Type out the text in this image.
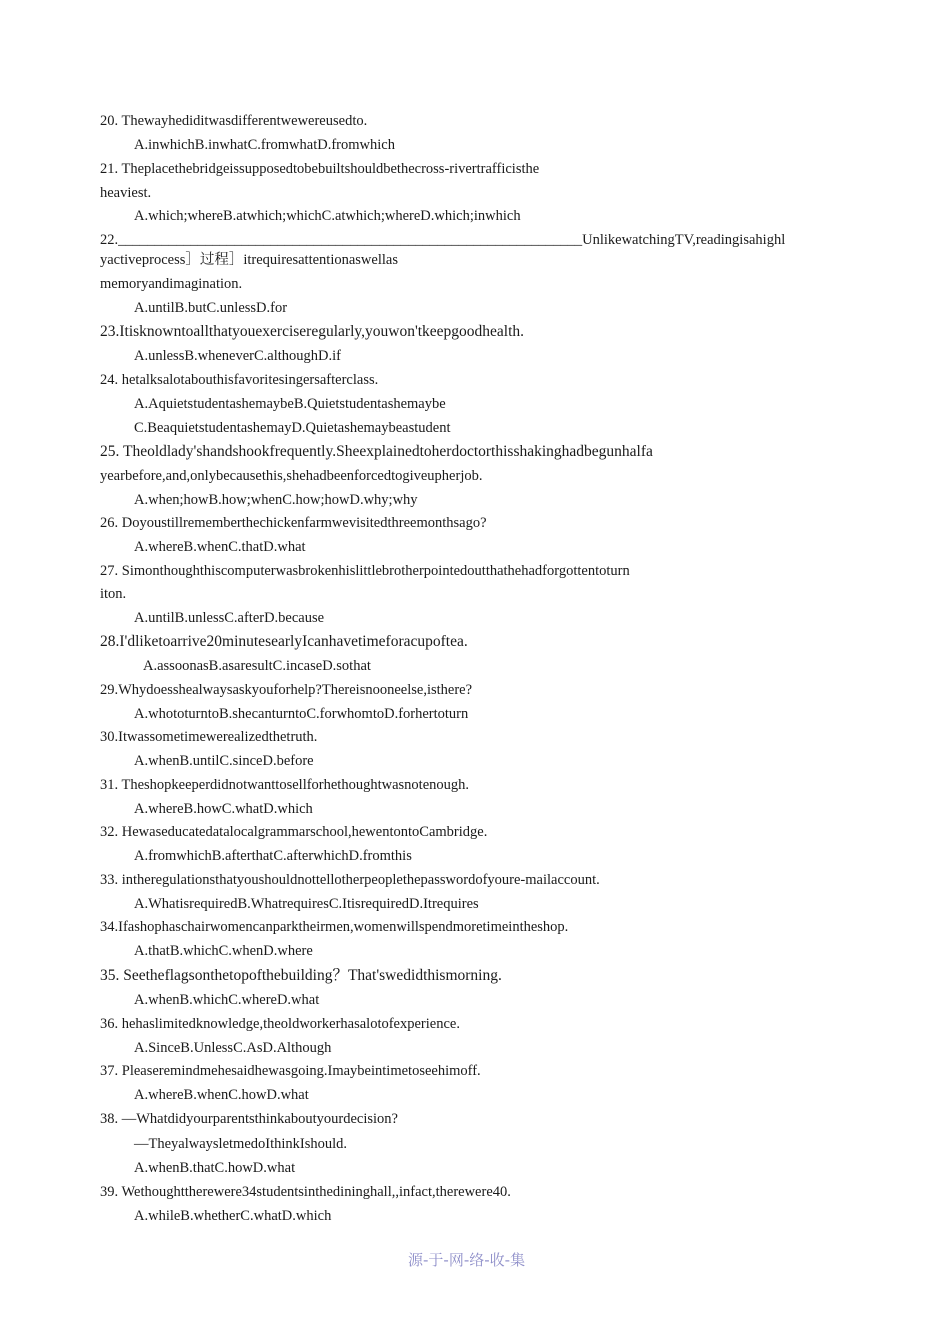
20. Thewayhediditwasdifferentwewereusedto.
A.inwhichB.inwhatC.fromwhatD.fromwhich
21. Theplacethebridgeissupposedtobebuiltshouldbethecross-rivertrafficisthe
heaviest.
A.which;whereB.atwhich;whichC.atwhich;whereD.which;inwhich
22.________________________________________________________________UnlikewatchingTV,readingisahighl
yactiveprocess］过程］itrequiresattentionaswellas
memoryandimagination.
A.untilB.butC.unlessD.for
23.Itisknowntoallthatyouexerciseregularly,youwon'tkeepgoodhealth.
A.unlessB.wheneverC.althoughD.if
24. hetalksalotabouthisfavoritesingersafterclass.
A.AquietstudentashemaybeB.Quietstudentashemaybe
C.BeaquietstudentashemayD.Quietashemaybeastudent
25. Theoldlady'shandshookfrequently.Sheexplainedtoherdoctorthisshakinghadbegunhalfa
yearbefore,and,onlybecausethis,shehadbeenforcedtogiveupherjob.
A.when;howB.how;whenC.how;howD.why;why
26. Doyoustillrememberthechickenfarmwevisitedthreemonthsago?
A.whereB.whenC.thatD.what
27. Simonthoughthiscomputerwasbrokenhislittlebrotherpointedoutthathehadforgottentoturn
iton.
A.untilB.unlessC.afterD.because
28.I'dliketoarrive20minutesearlyIcanhavetimeforacupoftea.
A.assoonasB.asaresultC.incaseD.sothat
29.Whydoesshealwaysaskyouforhelp?Thereisnooneelse,isthere?
A.whototurntoB.shecanturntoC.forwhomtoD.forhertoturn
30.Itwassometimewerealizedthetruth.
A.whenB.untilC.sinceD.before
31. Theshopkeeperdidnotwanttosellforhethoughtwasnotenough.
A.whereB.howC.whatD.which
32. Hewaseducatedatalocalgrammarschool,hewentontoCambridge.
A.fromwhichB.afterthatC.afterwhichD.fromthis
33. intheregulationsthatyoushouldnottellotherpeoplethepasswordofyoure-mailaccount.
A.WhatisrequiredB.WhatrequiresC.ItisrequiredD.Itrequires
34.Ifashophaschairwomencanparktheirmen,womenwillspendmoretimeintheshop.
A.thatB.whichC.whenD.where
35. Seetheflagsonthetopofthebuilding？That'swedidthismorning.
A.whenB.whichC.whereD.what
36. hehaslimitedknowledge,theoldworkerhasalotofexperience.
A.SinceB.UnlessC.AsD.Although
37. Pleaseremindmehesaidhewasgoing.Imaybeintimetoseehimoff.
A.whereB.whenC.howD.what
38. —Whatdidyourparentsthinkaboutyourdecision?
—TheyalwaysletmedoIthinkIshould.
A.whenB.thatC.howD.what
39. Wethoughttherewere34studentsinthedininghall,,infact,therewere40.
A.whileB.whetherC.whatD.which
源-于-网-络-收-集
